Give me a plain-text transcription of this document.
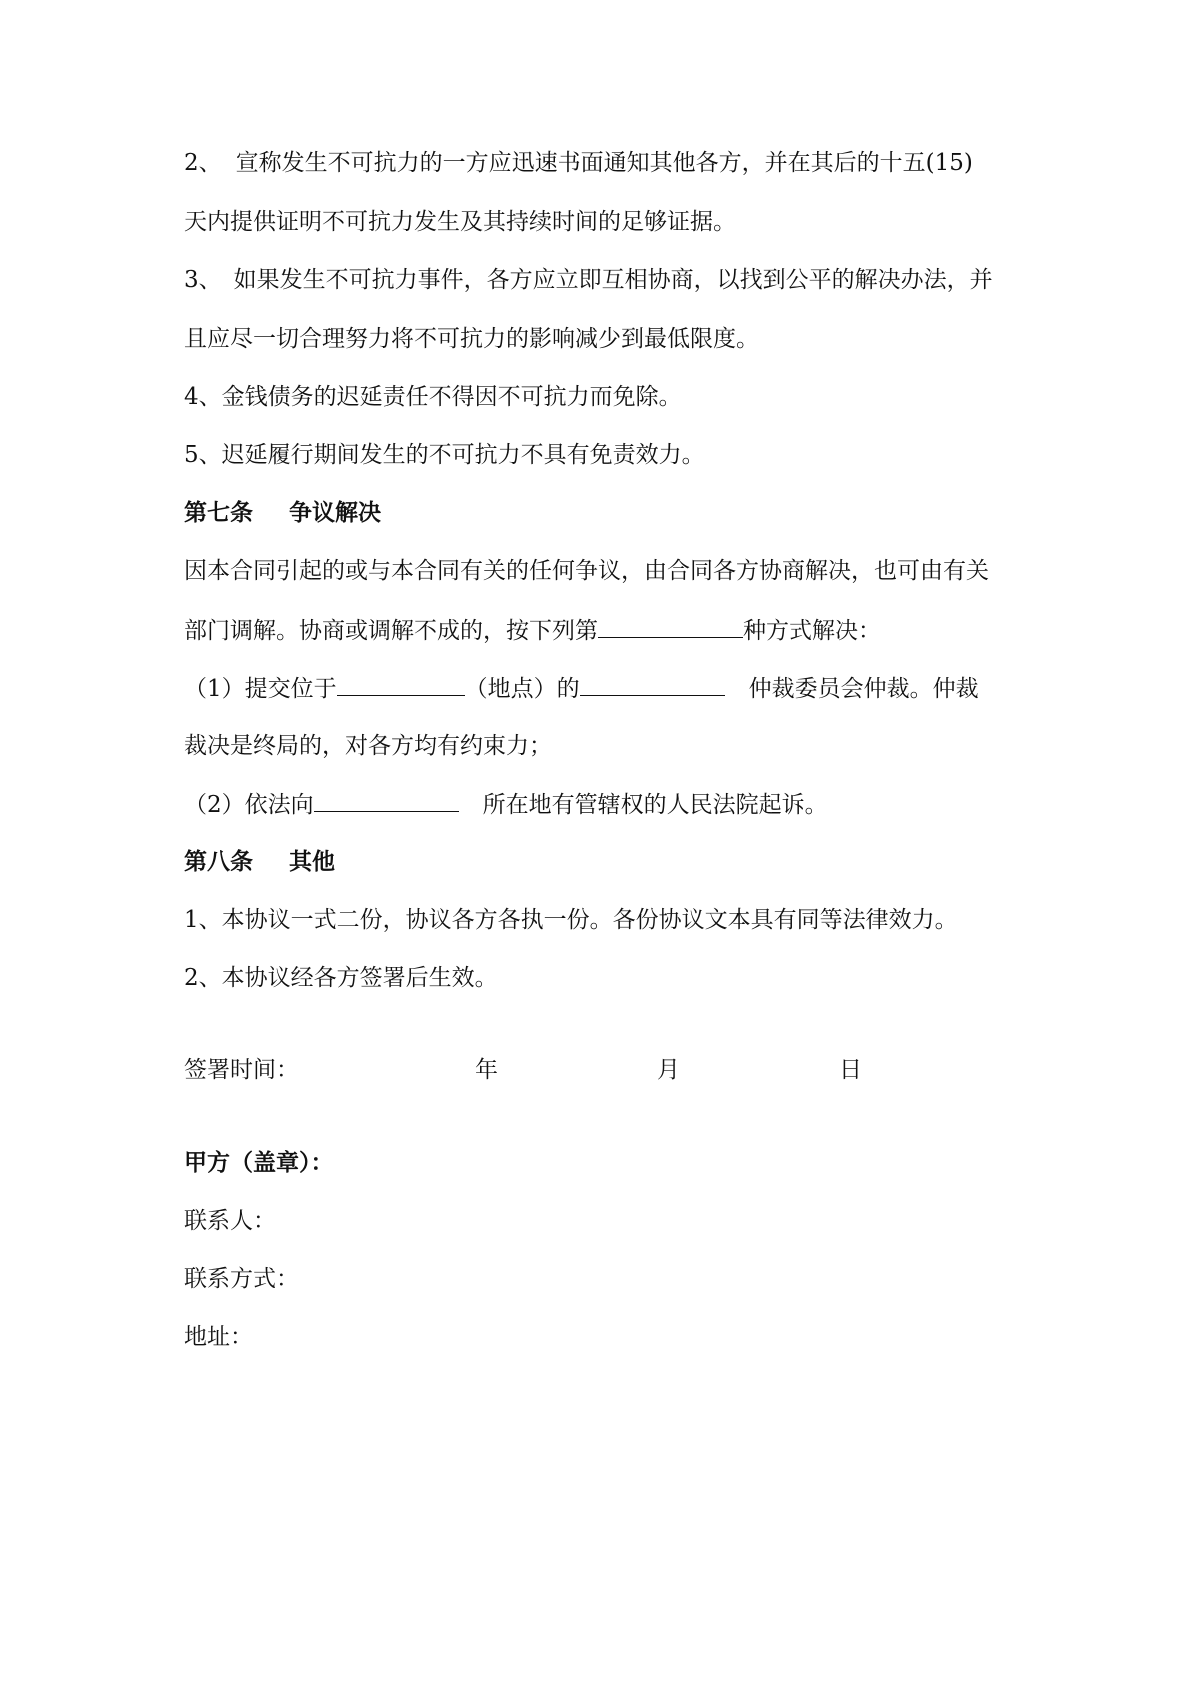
2、 宣称发生不可抗力的一方应迅速书面通知其他各方，并在其后的十五(15)
天内提供证明不可抗力发生及其持续时间的足够证据。
3、 如果发生不可抗力事件，各方应立即互相协商，以找到公平的解决办法，并
且应尽一切合理努力将不可抗力的影响减少到最低限度。
4、金钱债务的迟延责任不得因不可抗力而免除。
5、迟延履行期间发生的不可抗力不具有免责效力。
第七条 争议解决
因本合同引起的或与本合同有关的任何争议，由合同各方协商解决，也可由有关
部门调解。协商或调解不成的，按下列第	种方式解决：
（1）提交位于	（地点）的	仲裁委员会仲裁。仲裁
裁决是终局的，对各方均有约束力；
（2）依法向	所在地有管辖权的人民法院起诉。
第八条 其他
1、本协议一式二份，协议各方各执一份。各份协议文本具有同等法律效力。
2、本协议经各方签署后生效。
签署时间：	年	月	日
甲方（盖章）：
联系人：
联系方式：
地址：
